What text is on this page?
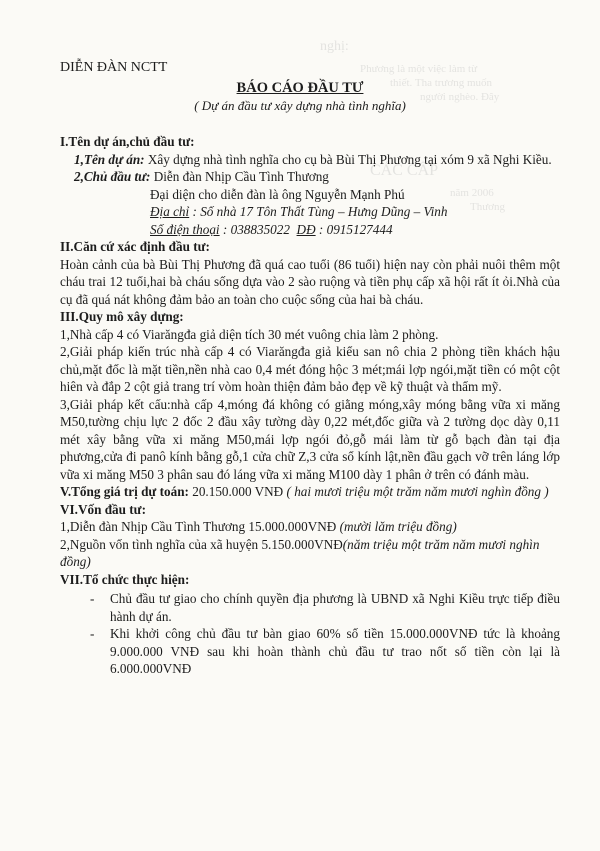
nghị:
Phương là một việc làm từ
thiết. Tha trương muốn
người nghèo. Đây
CÁC CẤP
năm 2006
Thương
DIỄN ĐÀN NCTT
BÁO CÁO ĐẦU TƯ
( Dự án đầu tư xây dựng nhà tình nghĩa)

I.Tên dự án,chủ đầu tư:

1,Tên dự án: Xây dựng nhà tình nghĩa cho cụ bà Bùi Thị Phương tại xóm 9 xã Nghi Kiều.

2,Chủ đầu tư: Diễn đàn Nhịp Cầu Tình Thương

Đại diện cho diễn đàn là ông Nguyễn Mạnh Phú

Địa chỉ : Số nhà 17 Tôn Thất Tùng – Hưng Dũng – Vinh

Số điện thoại : 038835022 DĐ : 0915127444

II.Căn cứ xác định đầu tư:

Hoàn cảnh của bà Bùi Thị Phương đã quá cao tuổi (86 tuổi) hiện nay còn phải nuôi thêm một cháu trai 12 tuổi,hai bà cháu sống dựa vào 2 sào ruộng và tiền phụ cấp xã hội rất ít ỏi.Nhà của cụ đã quá nát không đảm bảo an toàn cho cuộc sống của hai bà cháu.

III.Quy mô xây dựng:

1,Nhà cấp 4 có Viarăngđa giả diện tích 30 mét vuông chia làm 2 phòng.

2,Giải pháp kiến trúc nhà cấp 4 có Viarăngđa giả kiểu san nô chia 2 phòng tiền khách hậu chủ,mặt đốc là mặt tiền,nền nhà cao 0,4 mét đóng hộc 3 mét;mái lợp ngói,mặt tiền có một cột hiên và đắp 2 cột giả trang trí vòm hoàn thiện đảm bảo đẹp về kỹ thuật và thẩm mỹ.

3,Giải pháp kết cấu:nhà cấp 4,móng đá không có giằng móng,xây móng bằng vữa xi măng M50,tường chịu lực 2 đốc 2 đầu xây tường dày 0,22 mét,đốc giữa và 2 tường dọc dày 0,11 mét xây bằng vữa xi măng M50,mái lợp ngói đỏ,gỗ mái làm từ gỗ bạch đàn tại địa phương,cửa đi panô kính bằng gỗ,1 cửa chữ Z,3 cửa sổ kính lật,nền đầu gạch vỡ trên láng lớp vữa xi măng M50 3 phân sau đó láng vữa xi măng M100 dày 1 phân ở trên có đánh màu.

V.Tổng giá trị dự toán: 20.150.000 VNĐ ( hai mươi triệu một trăm năm mươi nghìn đồng )

VI.Vốn đầu tư:

1,Diễn đàn Nhịp Cầu Tình Thương 15.000.000VNĐ (mười lăm triệu đồng)

2,Nguồn vốn tình nghĩa của xã huyện 5.150.000VNĐ(năm triệu một trăm năm mươi nghìn đồng)

VII.Tổ chức thực hiện:

- Chủ đầu tư giao cho chính quyền địa phương là UBND xã Nghi Kiều trực tiếp điều hành dự án.
- Khi khởi công chủ đầu tư bàn giao 60% số tiền 15.000.000VNĐ tức là khoảng 9.000.000 VNĐ sau khi hoàn thành chủ đầu tư trao nốt số tiền còn lại là 6.000.000VNĐ
